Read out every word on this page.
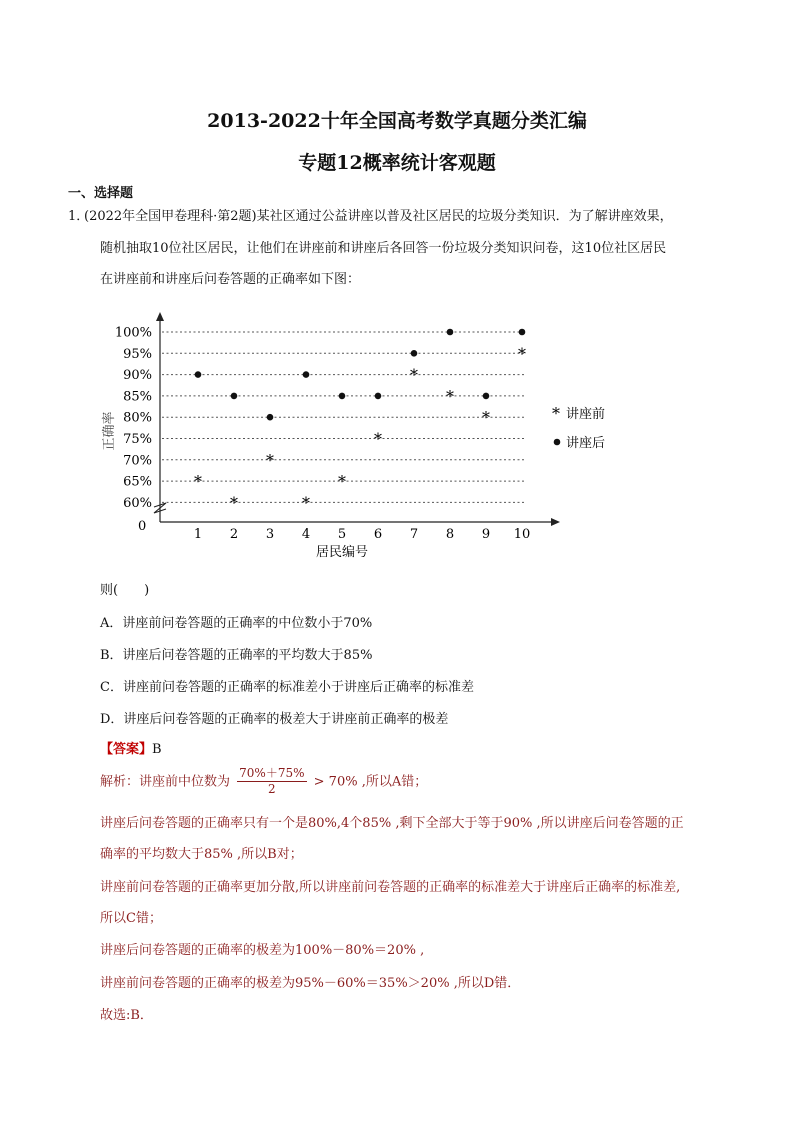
2013-2022十年全国高考数学真题分类汇编
专题12概率统计客观题
一、选择题
1．
(2022年全国甲卷理科·第2题)某社区通过公益讲座以普及社区居民的垃圾分类知识．为了解讲座效果，
随机抽取10位社区居民，让他们在讲座前和讲座后各回答一份垃圾分类知识问卷，这10位社区居民
在讲座前和讲座后问卷答题的正确率如下图：
60%
65%
70%
75%
80%
85%
90%
95%
100%
1 2 3 4 5 6 7 8 9 10
*
*
*
*
*
*
*
*
*
*
0
居民编号
正确率	* 讲座前
讲座后
则(　　)
A．讲座前问卷答题的正确率的中位数小于70%
B．讲座后问卷答题的正确率的平均数大于85%
C．讲座前问卷答题的正确率的标准差小于讲座后正确率的标准差
D．讲座后问卷答题的正确率的极差大于讲座前正确率的极差
【答案】B
解析：讲座前中位数为 $\frac{70\%+75\%}{2} > 70\%$ ,所以A错；
讲座后问卷答题的正确率只有一个是80%,4个85% ,剩下全部大于等于90% ,所以讲座后问卷答题的正
确率的平均数大于85% ,所以B对；
讲座前问卷答题的正确率更加分散,所以讲座前问卷答题的正确率的标准差大于讲座后正确率的标准差,
所以C错；
讲座后问卷答题的正确率的极差为100%－80%＝20% ,
讲座前问卷答题的正确率的极差为95%－60%＝35%＞20% ,所以D错．
故选:B．
